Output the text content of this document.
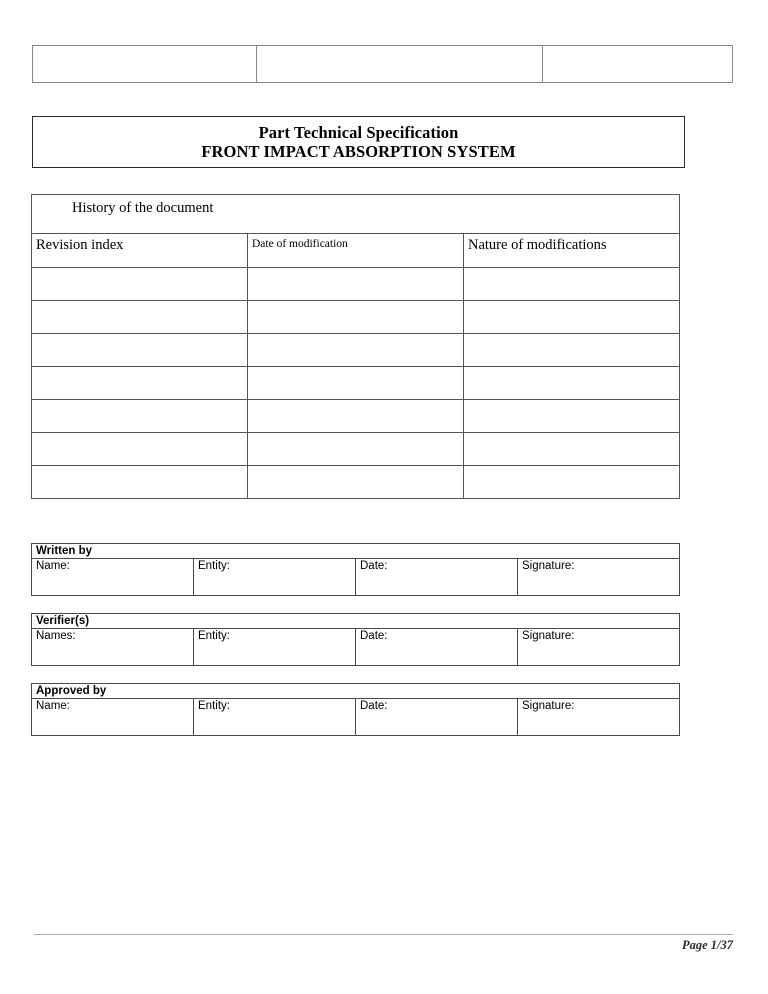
Part Technical Specification
FRONT IMPACT ABSORPTION SYSTEM
History of the document		
Revision index	Date of modification	Nature of modifications

Written by
Name:	Entity:	Date:	Signature:
Verifier(s)
Names:	Entity:	Date:	Signature:
Approved by
Name:	Entity:	Date:	Signature:
Page 1/37
